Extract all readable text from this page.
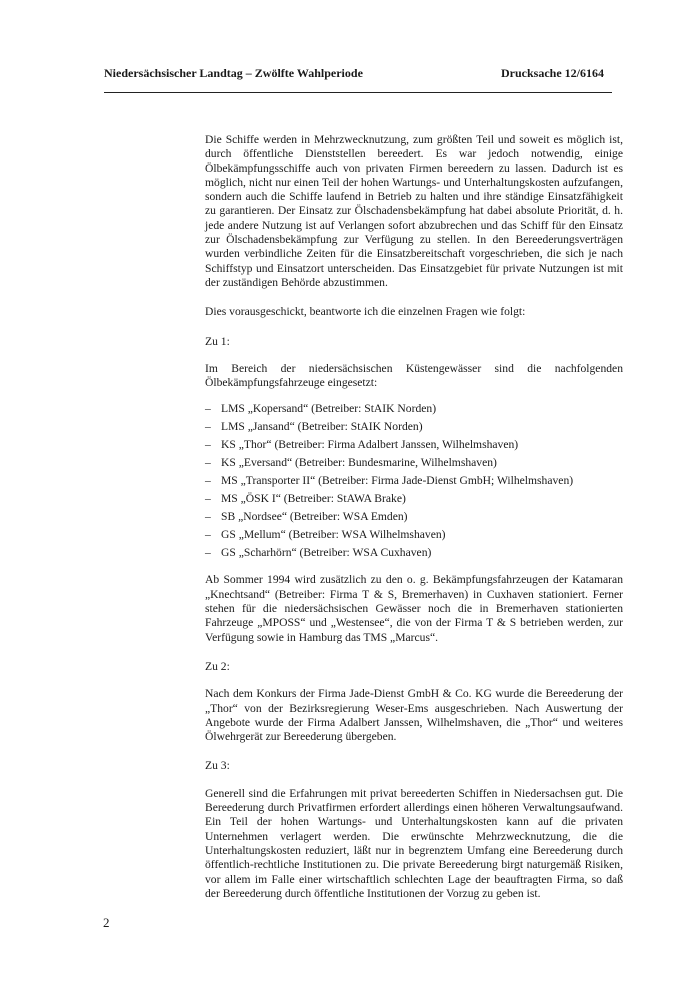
Niedersächsischer Landtag – Zwölfte Wahlperiode	Drucksache 12/6164

Die Schiffe werden in Mehrzwecknutzung, zum größten Teil und soweit es möglich ist, durch öffentliche Dienststellen bereedert. Es war jedoch notwendig, einige Ölbekämpfungsschiffe auch von privaten Firmen bereedern zu lassen. Dadurch ist es möglich, nicht nur einen Teil der hohen Wartungs- und Unterhaltungskosten aufzufangen, sondern auch die Schiffe laufend in Betrieb zu halten und ihre ständige Einsatzfähigkeit zu garantieren. Der Einsatz zur Ölschadensbekämpfung hat dabei absolute Priorität, d. h. jede andere Nutzung ist auf Verlangen sofort abzubrechen und das Schiff für den Einsatz zur Ölschadensbekämpfung zur Verfügung zu stellen. In den Bereederungsverträgen wurden verbindliche Zeiten für die Einsatzbereitschaft vorgeschrieben, die sich je nach Schiffstyp und Einsatzort unterscheiden. Das Einsatzgebiet für private Nutzungen ist mit der zuständigen Behörde abzustimmen.

Dies vorausgeschickt, beantworte ich die einzelnen Fragen wie folgt:

Zu 1:

Im Bereich der niedersächsischen Küstengewässer sind die nachfolgenden Ölbekämpfungsfahrzeuge eingesetzt:

– LMS „Kopersand“ (Betreiber: StAIK Norden)
– LMS „Jansand“ (Betreiber: StAIK Norden)
– KS „Thor“ (Betreiber: Firma Adalbert Janssen, Wilhelmshaven)
– KS „Eversand“ (Betreiber: Bundesmarine, Wilhelmshaven)
– MS „Transporter II“ (Betreiber: Firma Jade-Dienst GmbH; Wilhelmshaven)
– MS „ÖSK I“ (Betreiber: StAWA Brake)
– SB „Nordsee“ (Betreiber: WSA Emden)
– GS „Mellum“ (Betreiber: WSA Wilhelmshaven)
– GS „Scharhörn“ (Betreiber: WSA Cuxhaven)

Ab Sommer 1994 wird zusätzlich zu den o. g. Bekämpfungsfahrzeugen der Katamaran „Knechtsand“ (Betreiber: Firma T & S, Bremerhaven) in Cuxhaven stationiert. Ferner stehen für die niedersächsischen Gewässer noch die in Bremerhaven stationierten Fahrzeuge „MPOSS“ und „Westensee“, die von der Firma T & S betrieben werden, zur Verfügung sowie in Hamburg das TMS „Marcus“.

Zu 2:

Nach dem Konkurs der Firma Jade-Dienst GmbH & Co. KG wurde die Bereederung der „Thor“ von der Bezirksregierung Weser-Ems ausgeschrieben. Nach Auswertung der Angebote wurde der Firma Adalbert Janssen, Wilhelmshaven, die „Thor“ und weiteres Ölwehrgerät zur Bereederung übergeben.

Zu 3:

Generell sind die Erfahrungen mit privat bereederten Schiffen in Niedersachsen gut. Die Bereederung durch Privatfirmen erfordert allerdings einen höheren Verwaltungsaufwand. Ein Teil der hohen Wartungs- und Unterhaltungskosten kann auf die privaten Unternehmen verlagert werden. Die erwünschte Mehrzwecknutzung, die die Unterhaltungskosten reduziert, läßt nur in begrenztem Umfang eine Bereederung durch öffentlich-rechtliche Institutionen zu. Die private Bereederung birgt naturgemäß Risiken, vor allem im Falle einer wirtschaftlich schlechten Lage der beauftragten Firma, so daß der Bereederung durch öffentliche Institutionen der Vorzug zu geben ist.

2
